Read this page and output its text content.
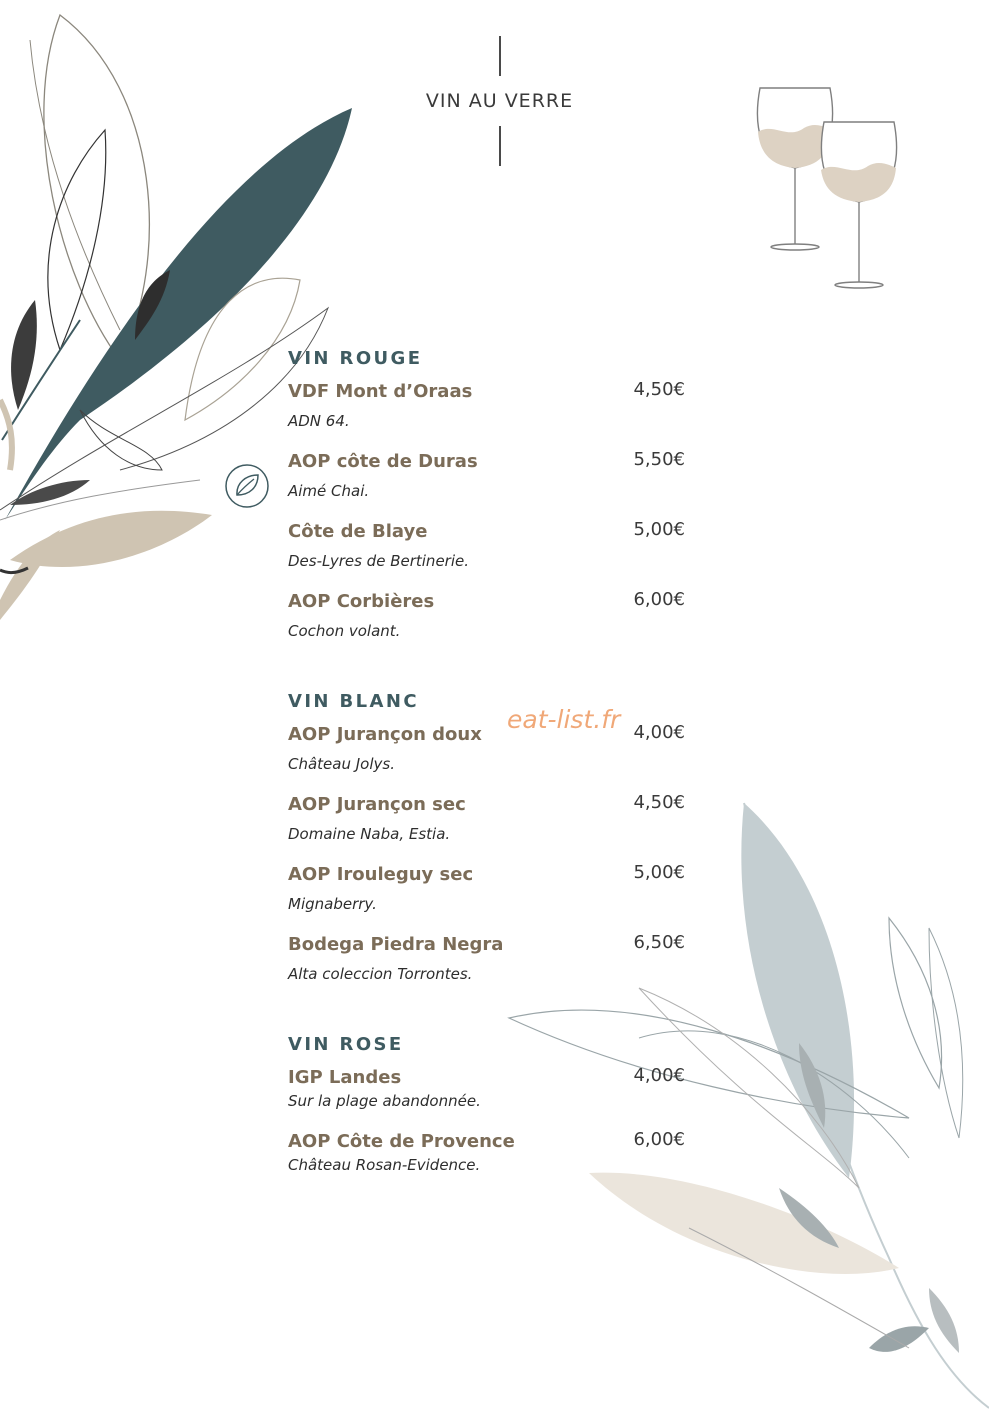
VIN AU VERRE
VIN ROUGE
VDF Mont d’Oraas
ADN 64.
4,50€
AOP côte de Duras
Aimé Chai.
5,50€
Côte de Blaye
Des-Lyres de Bertinerie.
5,00€
AOP Corbières
Cochon volant.
6,00€
VIN BLANC
AOP Jurançon doux
Château Jolys.
4,00€
AOP Jurançon sec
Domaine Naba, Estia.
4,50€
AOP Irouleguy sec
Mignaberry.
5,00€
Bodega Piedra Negra
Alta coleccion Torrontes.
6,50€
VIN ROSE
IGP Landes
Sur la plage abandonnée.
4,00€
AOP Côte de Provence
Château Rosan-Evidence.
6,00€
eat-list.fr
